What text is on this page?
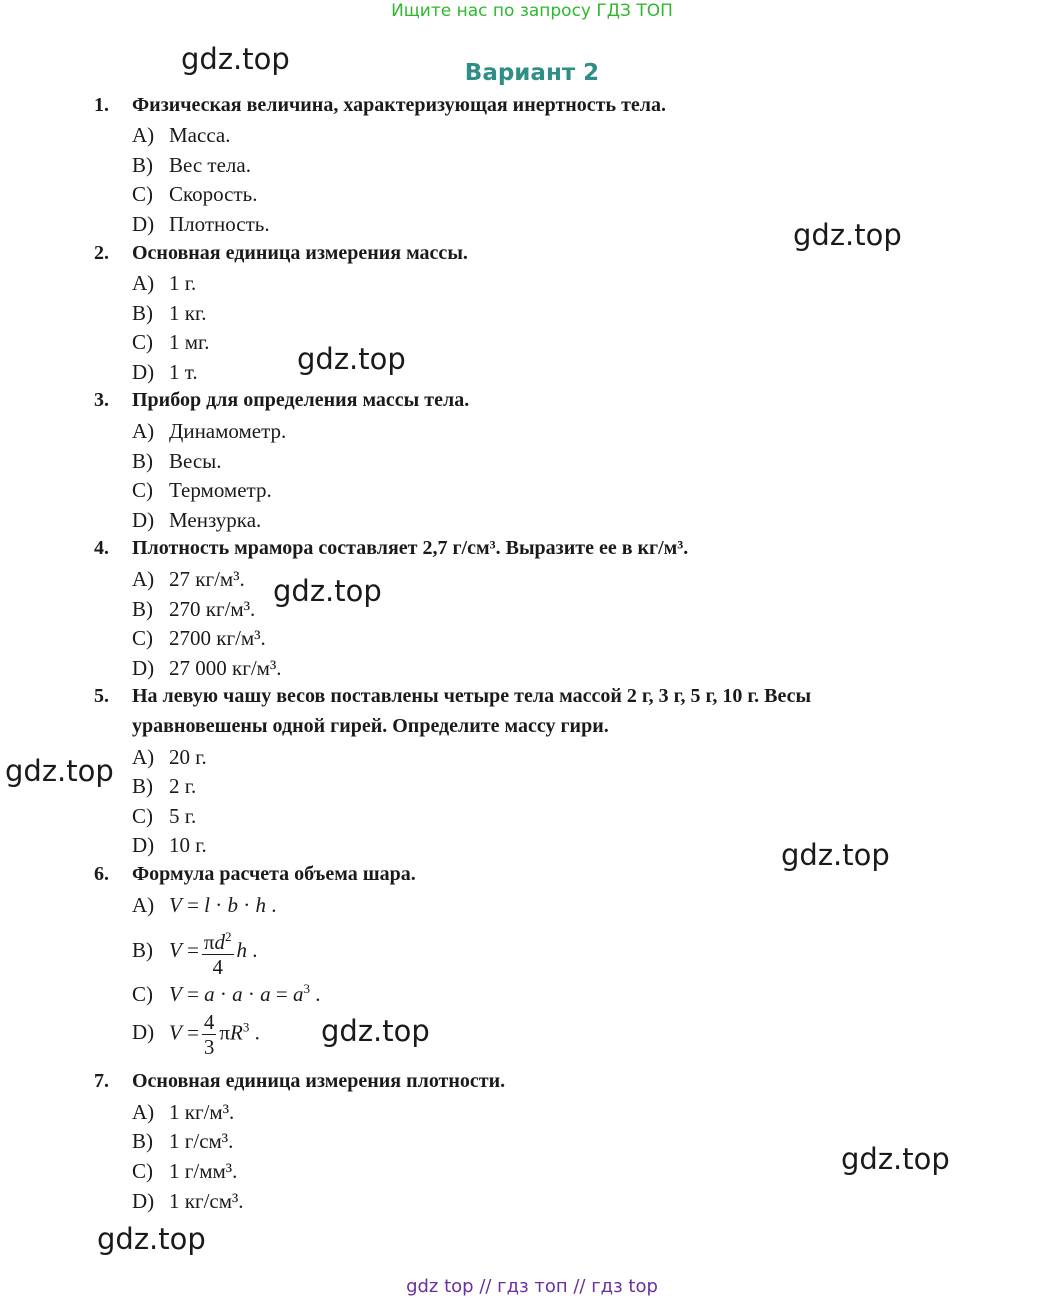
Ищите нас по запросу ГДЗ ТОП
Вариант 2
gdz.top
gdz.top
gdz.top
gdz.top
gdz.top
gdz.top
gdz.top
gdz.top
gdz.top
1. Физическая величина, характеризующая инертность тела.
A) Масса.
B) Вес тела.
C) Скорость.
D) Плотность.
2. Основная единица измерения массы.
A) 1 г.
B) 1 кг.
C) 1 мг.
D) 1 т.
3. Прибор для определения массы тела.
A) Динамометр.
B) Весы.
C) Термометр.
D) Мензурка.
4. Плотность мрамора составляет 2,7 г/см³. Выразите ее в кг/м³.
A) 27 кг/м³.
B) 270 кг/м³.
C) 2700 кг/м³.
D) 27 000 кг/м³.
5. На левую чашу весов поставлены четыре тела массой 2 г, 3 г, 5 г, 10 г. Весы
уравновешены одной гирей. Определите массу гири.
A) 20 г.
B) 2 г.
C) 5 г.
D) 10 г.
6. Формула расчета объема шара.
A) V = l · b · h .
B) $V = \frac{\pi d^2}{4}$ h .
C) $V = a \cdot a \cdot a = a^3$ .
D) $V = \frac{4}{3} \pi R^3$ .
7. Основная единица измерения плотности.
A) 1 кг/м³.
B) 1 г/см³.
C) 1 г/мм³.
D) 1 кг/см³.
gdz top // гдз топ // гдз top
